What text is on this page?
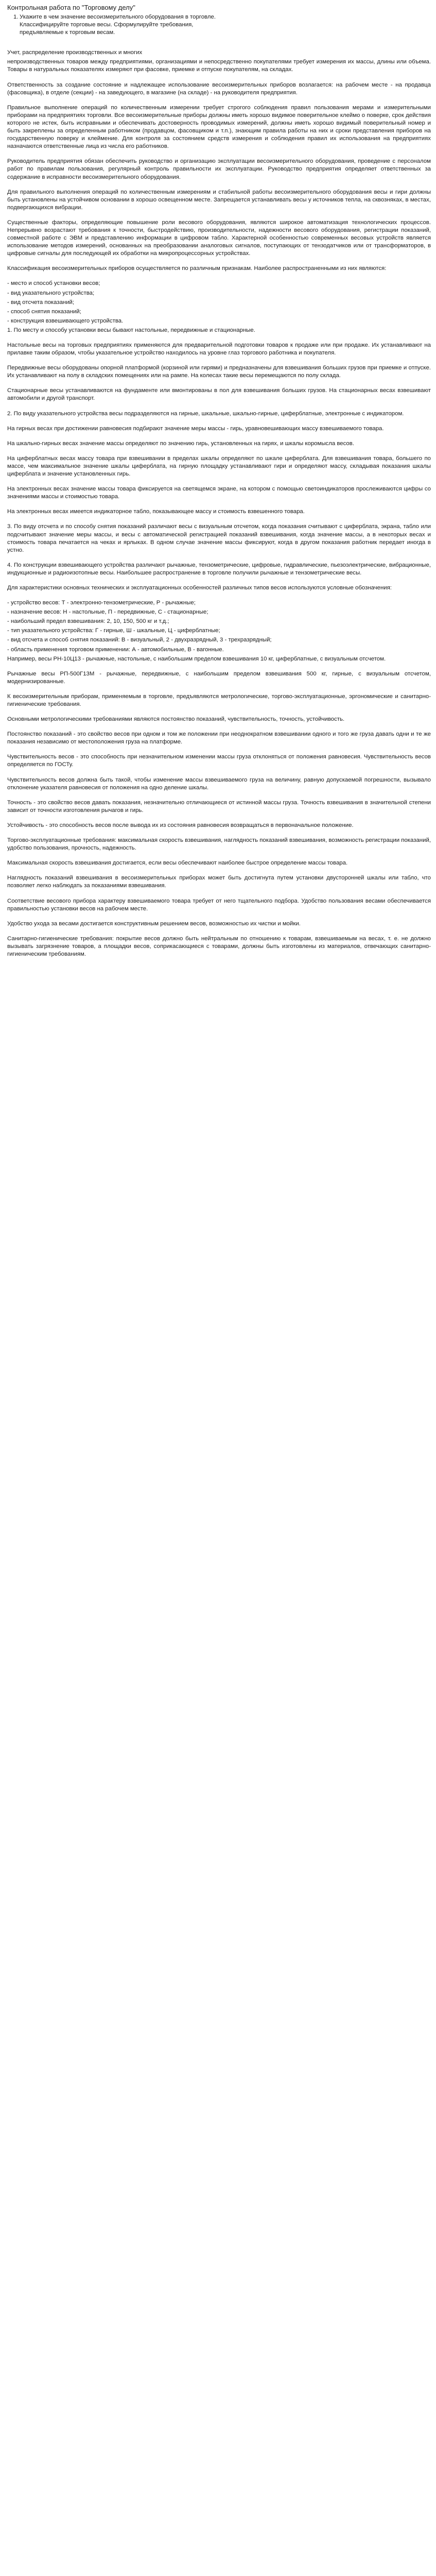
Контрольная работа по "Торговому делу"
1. Укажите в чем значение весоизмерительного оборудования в торговле.
Классифицируйте торговые весы. Сформулируйте требования,
предъявляемые к торговым весам.

Учет, распределение производственных и многих

непроизводственных товаров между предприятиями, организациями и непосредственно покупателями требует измерения их массы, длины или объема. Товары в натуральных показателях измеряют при фасовке, приемке и отпуске покупателям, на складах.

Ответственность за создание состояние и надлежащее использование весоизмерительных приборов возлагается: на рабочем месте - на продавца (фасовщика), в отделе (секции) - на заведующего, в магазине (на складе) - на руководителя предприятия.

Правильное выполнение операций по количественным измерении требует строгого соблюдения правил пользования мерами и измерительными приборами на предприятиях торговли. Все весоизмерительные приборы должны иметь хорошо видимое поверительное клеймо о поверке, срок действия которого не истек, быть исправными и обеспечивать достоверность проводимых измерений, должны иметь хорошо видимый поверительный номер и быть закреплены за определенным работником (продавцом, фасовщиком и т.п.), знающим правила работы на них и сроки представления приборов на государственную поверку и клеймение. Для контроля за состоянием средств измерения и соблюдения правил их использования на предприятиях назначаются ответственные лица из числа его работников.

Руководитель предприятия обязан обеспечить руководство и организацию эксплуатации весоизмерительного оборудования, проведение с персоналом работ по правилам пользования, регулярный контроль правильности их эксплуатации. Руководство предприятия определяет ответственных за содержание в исправности весоизмерительного оборудования.

Для правильного выполнения операций по количественным измерениям и стабильной работы весоизмерительного оборудования весы и гири должны быть установлены на устойчивом основании в хорошо освещенном месте. Запрещается устанавливать весы у источников тепла, на сквозняках, в местах, подвергающихся вибрации.

Существенные факторы, определяющие повышение роли весового оборудования, являются широкое автоматизация технологических процессов. Непрерывно возрастают требования к точности, быстродействию, производительности, надежности весового оборудования, регистрации показаний, совместной работе с ЭВМ и представлению информации в цифровом табло. Характерной особенностью современных весовых устройств является использование методов измерений, основанных на преобразовании аналоговых сигналов, поступающих от тензодатчиков или от трансформаторов, в цифровые сигналы для последующей их обработки на микропроцессорных устройствах.

Классификация весоизмерительных приборов осуществляется по различным признакам. Наиболее распространенными из них являются:

- место и способ установки весов;

- вид указательного устройства;

- вид отсчета показаний;

- способ снятия показаний;

- конструкция взвешивающего устройства.

1. По месту и способу установки весы бывают настольные, передвижные и стационарные.

Настольные весы на торговых предприятиях применяются для предварительной подготовки товаров к продаже или при продаже. Их устанавливают на прилавке таким образом, чтобы указательное устройство находилось на уровне глаз торгового работника и покупателя.

Передвижные весы оборудованы опорной платформой (корзиной или гирями) и предназначены для взвешивания больших грузов при приемке и отпуске. Их устанавливают на полу в складских помещениях или на рампе. На колесах такие весы перемещаются по полу склада.

Стационарные весы устанавливаются на фундаменте или вмонтированы в пол для взвешивания больших грузов. На стационарных весах взвешивают автомобили и другой транспорт.

2. По виду указательного устройства весы подразделяются на гирные, шкальные, шкально-гирные, циферблатные, электронные с индикатором.

На гирных весах при достижении равновесия подбирают значение меры массы - гирь, уравновешивающих массу взвешиваемого товара.

На шкально-гирных весах значение массы определяют по значению гирь, установленных на гирях, и шкалы коромысла весов.

На циферблатных весах массу товара при взвешивании в пределах шкалы определяют по шкале циферблата. Для взвешивания товара, большего по массе, чем максимальное значение шкалы циферблата, на гирную площадку устанавливают гири и определяют массу, складывая показания шкалы циферблата и значение установленных гирь.

На электронных весах значение массы товара фиксируется на светящемся экране, на котором с помощью светоиндикаторов прослеживаются цифры со значениями массы и стоимостью товара.

На электронных весах имеется индикаторное табло, показывающее массу и стоимость взвешенного товара.

3. По виду отсчета и по способу снятия показаний различают весы с визуальным отсчетом, когда показания считывают с циферблата, экрана, табло или подсчитывают значение меры массы, и весы с автоматической регистрацией показаний взвешивания, когда значение массы, а в некоторых весах и стоимость товара печатается на чеках и ярлыках. В одном случае значение массы фиксируют, когда в другом показания работник передает иногда в устно.

4. По конструкции взвешивающего устройства различают рычажные, тензометрические, цифровые, гидравлические, пьезоэлектрические, вибрационные, индукционные и радиоизотопные весы. Наибольшее распространение в торговле получили рычажные и тензометрические весы.

Для характеристики основных технических и эксплуатационных особенностей различных типов весов используются условные обозначения:

- устройство весов: Т - электронно-тензометрические, Р - рычажные;

- назначение весов: Н - настольные, П - передвижные, С - стационарные;

- наибольший предел взвешивания: 2, 10, 150, 500 кг и т.д.;

- тип указательного устройства: Г - гирные, Ш - шкальные, Ц - циферблатные;

- вид отсчета и способ снятия показаний: В - визуальный, 2 - двухразрядный, 3 - трехразрядный;

- область применения торговом применении: А - автомобильные, В - вагонные.

Например, весы РН-10Ц13 - рычажные, настольные, с наибольшим пределом взвешивания 10 кг, циферблатные, с визуальным отсчетом.

Рычажные весы РП-500Г13М - рычажные, передвижные, с наибольшим пределом взвешивания 500 кг, гирные, с визуальным отсчетом, модернизированные.

К весоизмерительным приборам, применяемым в торговле, предъявляются метрологические, торгово-эксплуатационные, эргономические и санитарно-гигиенические требования.

Основными метрологическими требованиями являются постоянство показаний, чувствительность, точность, устойчивость.

Постоянство показаний - это свойство весов при одном и том же положении при неоднократном взвешивании одного и того же груза давать одни и те же показания независимо от местоположения груза на платформе.

Чувствительность весов - это способность при незначительном изменении массы груза отклоняться от положения равновесия. Чувствительность весов определяется по ГОСТу.

Чувствительность весов должна быть такой, чтобы изменение массы взвешиваемого груза на величину, равную допускаемой погрешности, вызывало отклонение указателя равновесия от положения на одно деление шкалы.

Точность - это свойство весов давать показания, незначительно отличающиеся от истинной массы груза. Точность взвешивания в значительной степени зависит от точности изготовления рычагов и гирь.

Устойчивость - это способность весов после вывода их из состояния равновесия возвращаться в первоначальное положение.

Торгово-эксплуатационные требования: максимальная скорость взвешивания, наглядность показаний взвешивания, возможность регистрации показаний, удобство пользования, прочность, надежность.

Максимальная скорость взвешивания достигается, если весы обеспечивают наиболее быстрое определение массы товара.

Наглядность показаний взвешивания в весоизмерительных приборах может быть достигнута путем установки двусторонней шкалы или табло, что позволяет легко наблюдать за показаниями взвешивания.

Соответствие весового прибора характеру взвешиваемого товара требует от него тщательного подбора. Удобство пользования весами обеспечивается правильностью установки весов на рабочем месте.

Удобство ухода за весами достигается конструктивным решением весов, возможностью их чистки и мойки.

Санитарно-гигиенические требования: покрытие весов должно быть нейтральным по отношению к товарам, взвешиваемым на весах, т. е. не должно вызывать загрязнение товаров, а площадки весов, соприкасающиеся с товарами, должны быть изготовлены из материалов, отвечающих санитарно-гигиеническим требованиям.
